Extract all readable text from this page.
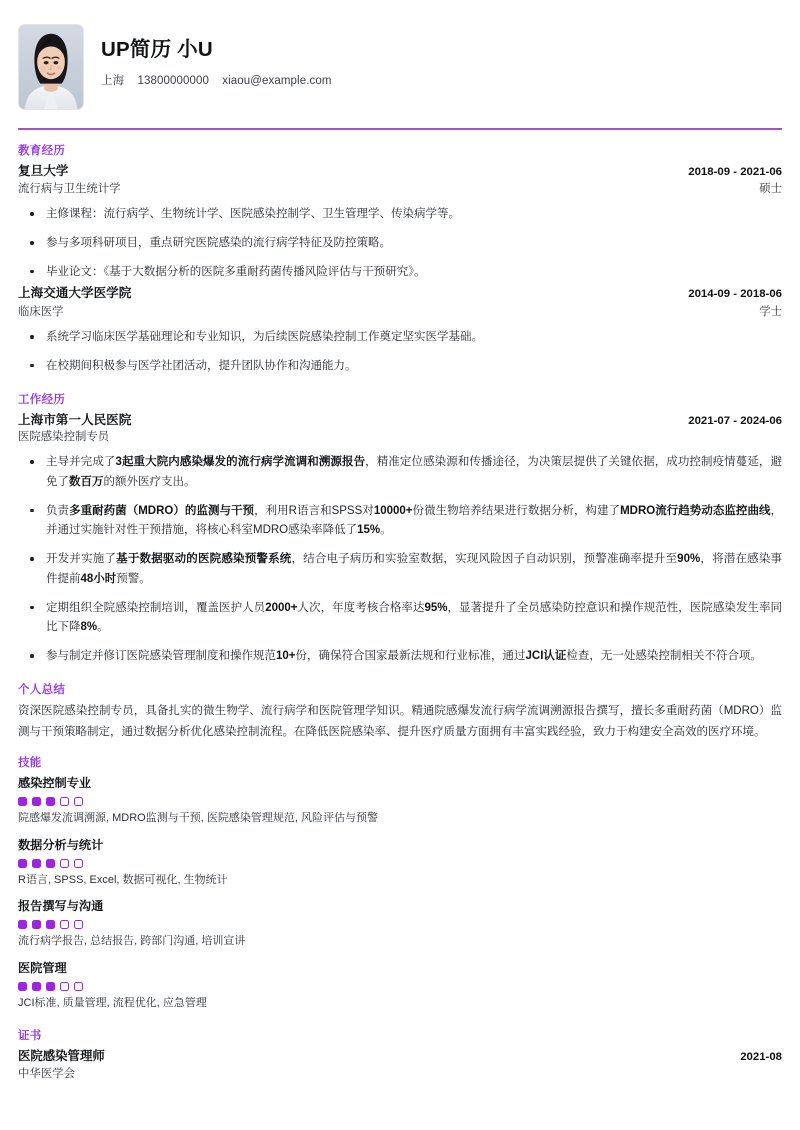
UP简历 小U
上海 13800000000 xiaou@example.com
教育经历
复旦大学	2018-09 - 2021-06
流行病与卫生统计学	硕士
主修课程：流行病学、生物统计学、医院感染控制学、卫生管理学、传染病学等。
参与多项科研项目，重点研究医院感染的流行病学特征及防控策略。
毕业论文：《基于大数据分析的医院多重耐药菌传播风险评估与干预研究》。
上海交通大学医学院	2014-09 - 2018-06
临床医学	学士
系统学习临床医学基础理论和专业知识，为后续医院感染控制工作奠定坚实医学基础。
在校期间积极参与医学社团活动，提升团队协作和沟通能力。
工作经历
上海市第一人民医院	2021-07 - 2024-06
医院感染控制专员
主导并完成了3起重大院内感染爆发的流行病学流调和溯源报告，精准定位感染源和传播途径，为决策层提供了关键依据，成功控制疫情蔓延，避免了数百万的额外医疗支出。
负责多重耐药菌（MDRO）的监测与干预，利用R语言和SPSS对10000+份微生物培养结果进行数据分析，构建了MDRO流行趋势动态监控曲线，并通过实施针对性干预措施，将核心科室MDRO感染率降低了15%。
开发并实施了基于数据驱动的医院感染预警系统，结合电子病历和实验室数据，实现风险因子自动识别，预警准确率提升至90%，将潜在感染事件提前48小时预警。
定期组织全院感染控制培训，覆盖医护人员2000+人次，年度考核合格率达95%，显著提升了全员感染防控意识和操作规范性，医院感染发生率同比下降8%。
参与制定并修订医院感染管理制度和操作规范10+份，确保符合国家最新法规和行业标准，通过JCI认证检查，无一处感染控制相关不符合项。
个人总结
资深医院感染控制专员，具备扎实的微生物学、流行病学和医院管理学知识。精通院感爆发流行病学流调溯源报告撰写，擅长多重耐药菌（MDRO）监测与干预策略制定，通过数据分析优化感染控制流程。在降低医院感染率、提升医疗质量方面拥有丰富实践经验，致力于构建安全高效的医疗环境。
技能
感染控制专业
院感爆发流调溯源, MDRO监测与干预, 医院感染管理规范, 风险评估与预警
数据分析与统计
R语言, SPSS, Excel, 数据可视化, 生物统计
报告撰写与沟通
流行病学报告, 总结报告, 跨部门沟通, 培训宣讲
医院管理
JCI标准, 质量管理, 流程优化, 应急管理
证书
医院感染管理师	2021-08
中华医学会
